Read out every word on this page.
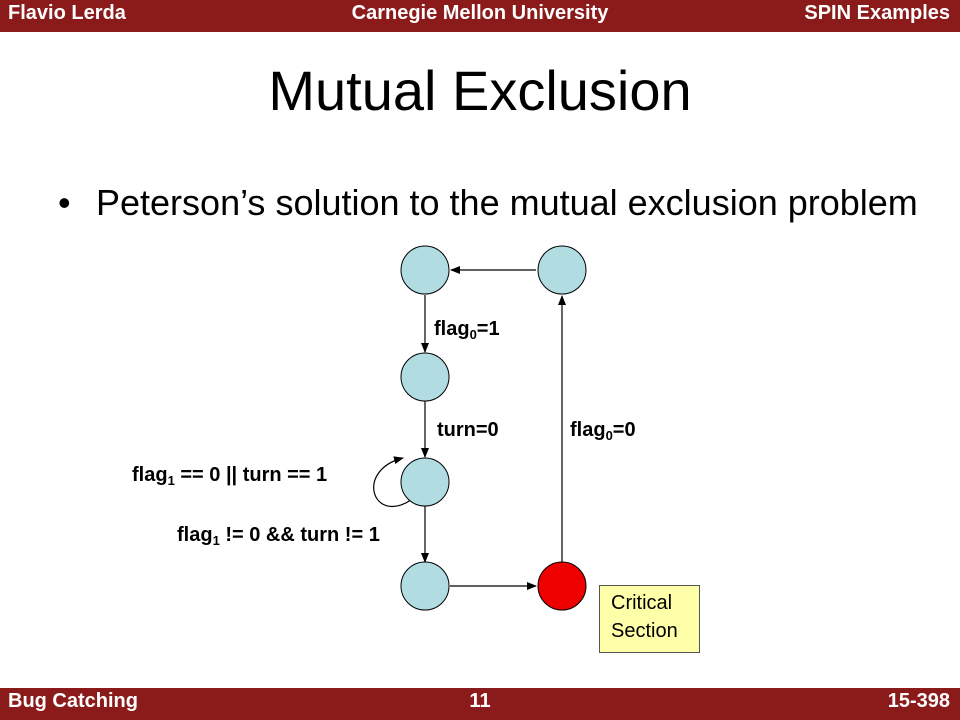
Flavio Lerda	Carnegie Mellon University	SPIN Examples
Mutual Exclusion
• Peterson’s solution to the mutual exclusion problem
flag$_0$=1
turn=0	flag$_0$=0
flag$_1$ == 0 || turn == 1
flag$_1$ != 0 && turn != 1
Critical
Section
Bug Catching	11	15-398
